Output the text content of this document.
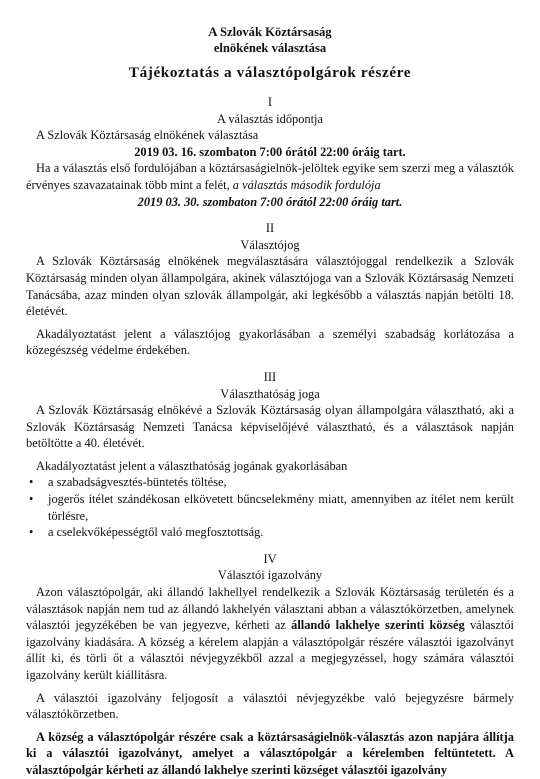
A Szlovák Köztársaság
elnökének választása
Tájékoztatás a választópolgárok részére
I
A választás időpontja

A Szlovák Köztársaság elnökének választása

2019 03. 16. szombaton 7:00 órától 22:00 óráig tart.

Ha a választás első fordulójában a köztársaságielnök-jelöltek egyike sem szerzi meg a választók érvényes szavazatainak több mint a felét, a választás második fordulója

2019 03. 30. szombaton 7:00 órától 22:00 óráig tart.
II
Választójog

A Szlovák Köztársaság elnökének megválasztására választójoggal rendelkezik a Szlovák Köztársaság minden olyan állampolgára, akinek választójoga van a Szlovák Köztársaság Nemzeti Tanácsába, azaz minden olyan szlovák állampolgár, aki legkésőbb a választás napján betölti 18. életévét.

Akadályoztatást jelent a választójog gyakorlásában a személyi szabadság korlátozása a közegészség védelme érdekében.

III
Választhatóság joga

A Szlovák Köztársaság elnökévé a Szlovák Köztársaság olyan állampolgára választható, aki a Szlovák Köztársaság Nemzeti Tanácsa képviselőjévé választható, és a választások napján betöltötte a 40. életévét.

Akadályoztatást jelent a választhatóság jogának gyakorlásában

• a szabadságvesztés-büntetés töltése,
• jogerős ítélet szándékosan elkövetett bűncselekmény miatt, amennyiben az ítélet nem került törlésre,
• a cselekvőképességtől való megfosztottság.
IV
Választói igazolvány

Azon választópolgár, aki állandó lakhellyel rendelkezik a Szlovák Köztársaság területén és a választások napján nem tud az állandó lakhelyén választani abban a választókörzetben, amelynek választói jegyzékében be van jegyezve, kérheti az állandó lakhelye szerinti község választói igazolvány kiadására. A község a kérelem alapján a választópolgár részére választói igazolványt állít ki, és törli őt a választói névjegyzékből azzal a megjegyzéssel, hogy számára választói igazolvány került kiállításra.

A választói igazolvány feljogosít a választói névjegyzékbe való bejegyzésre bármely választókörzetben.

A község a választópolgár részére csak a köztársaságielnök-választás azon napjára állítja ki a választói igazolványt, amelyet a választópolgár a kérelemben feltüntetett. A választópolgár kérheti az állandó lakhelye szerinti községet választói igazolvány
